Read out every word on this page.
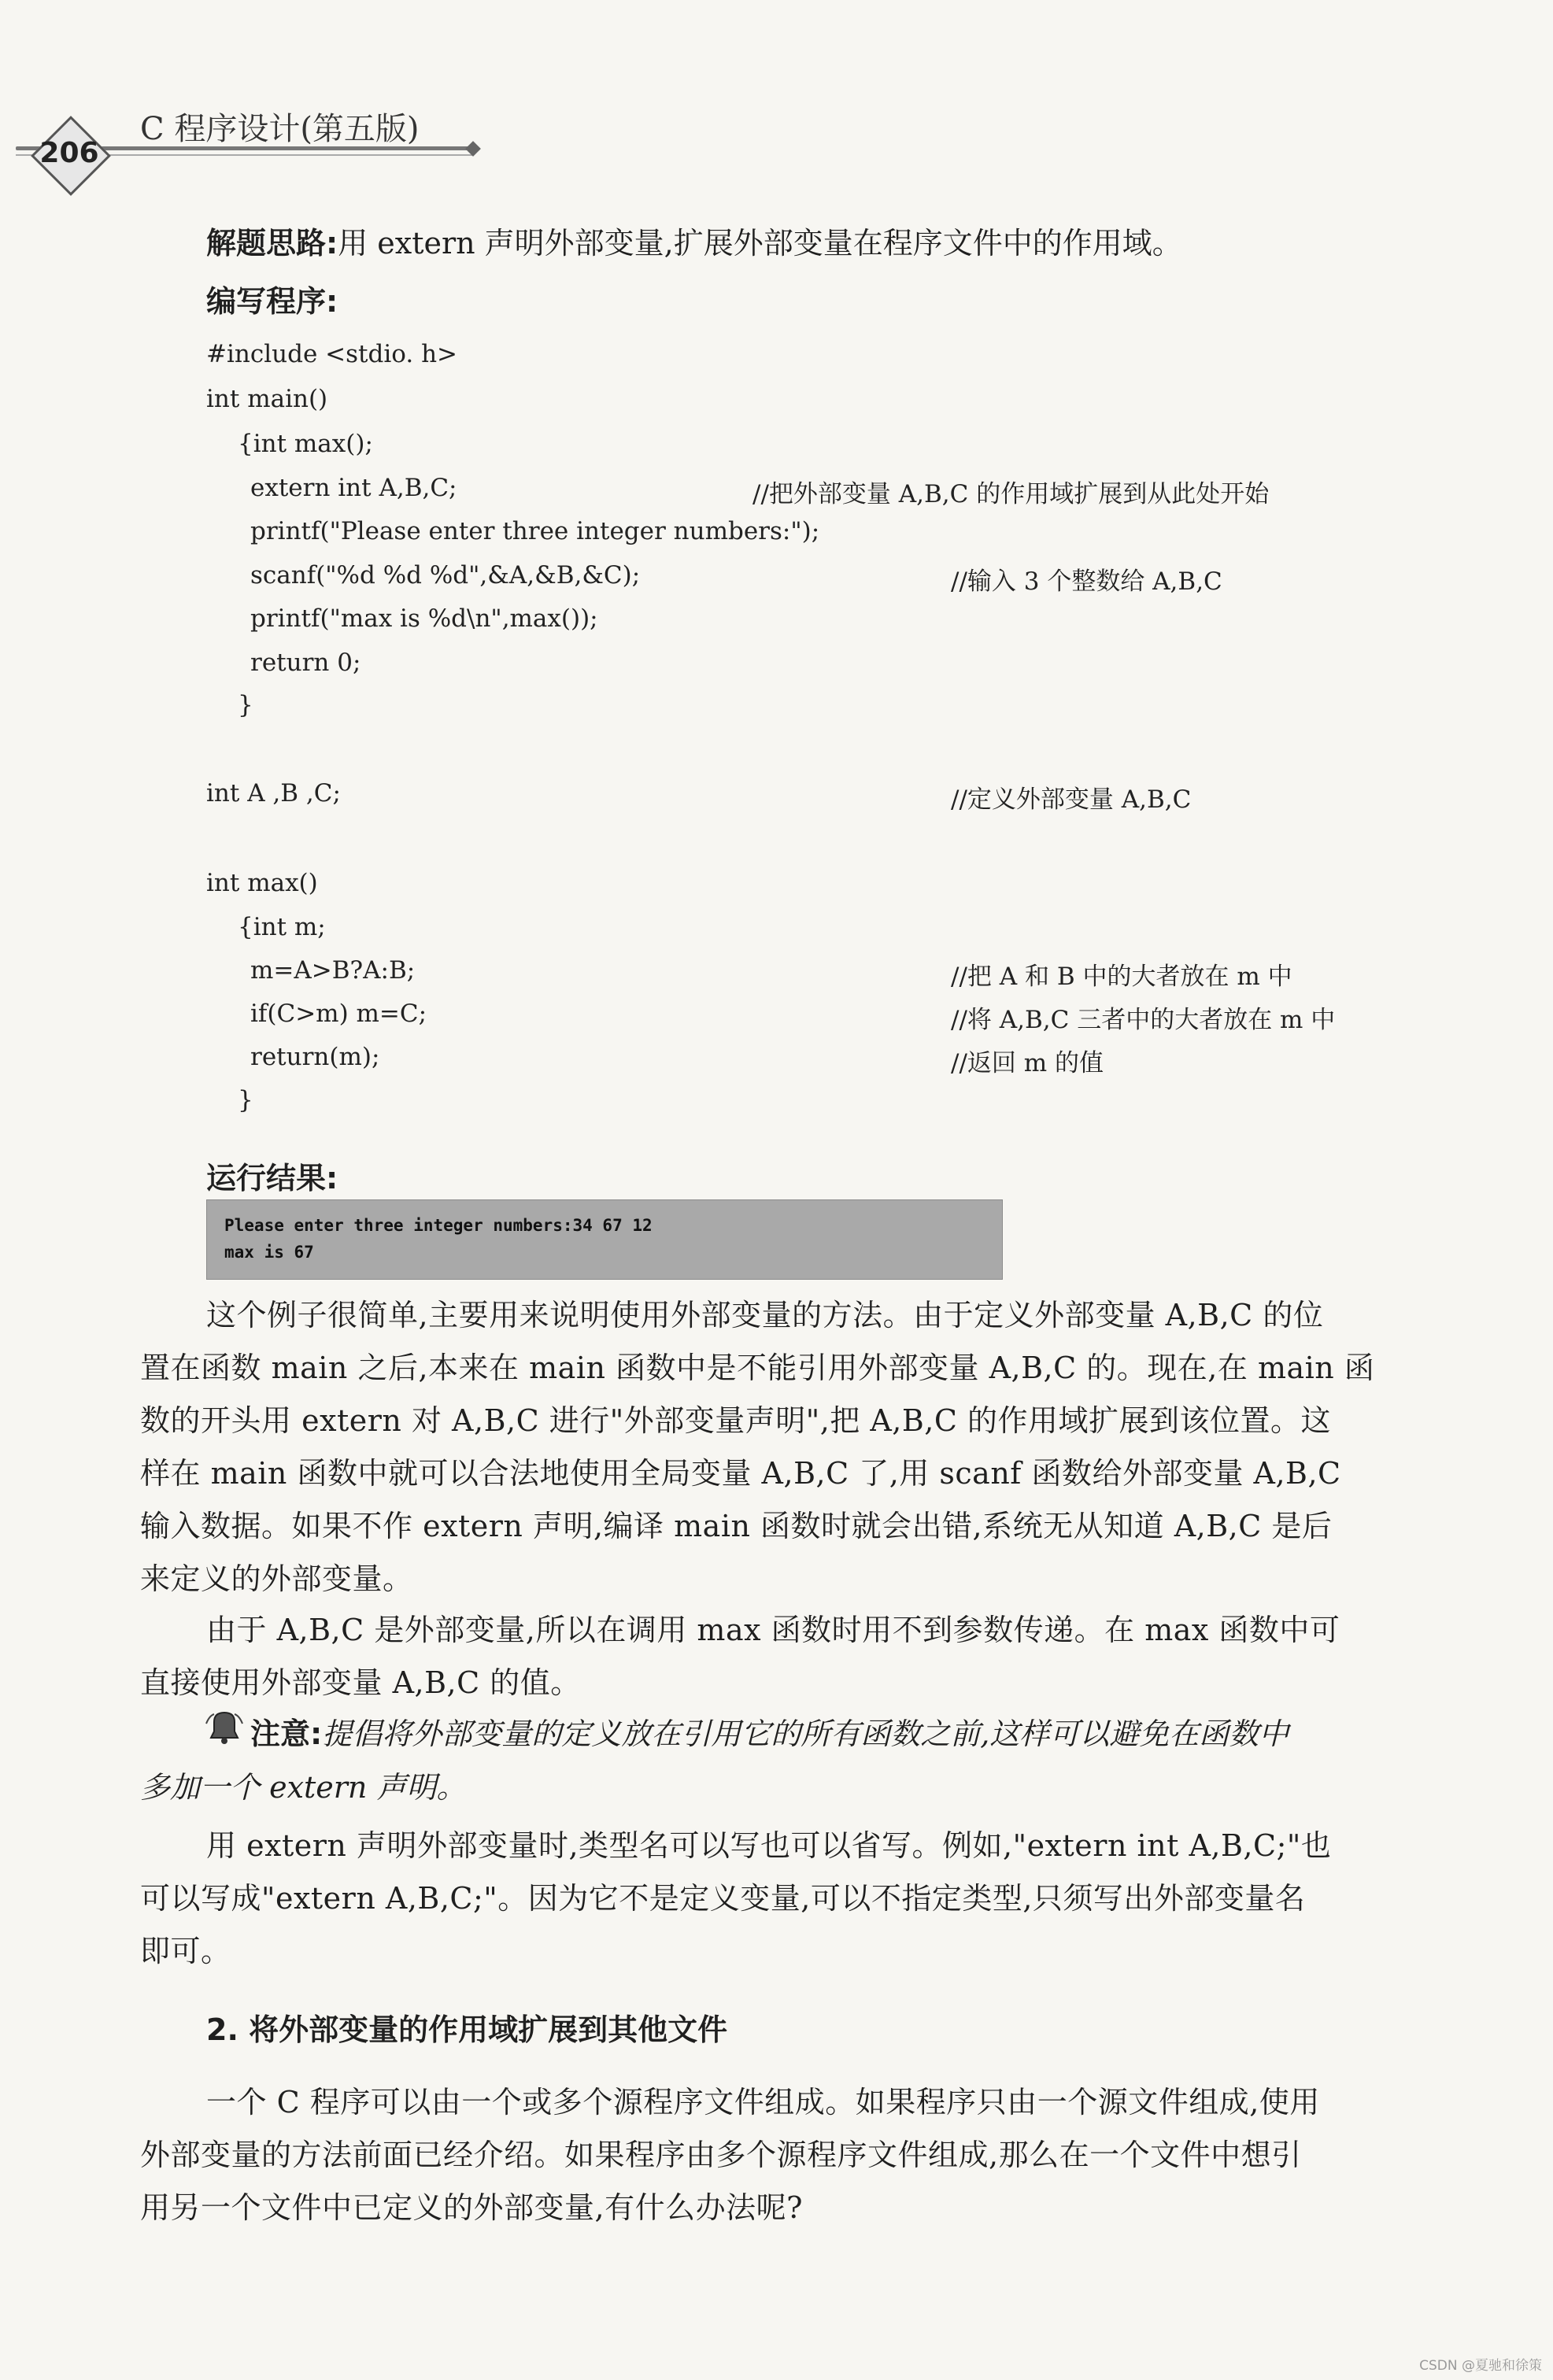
206
C 程序设计(第五版)
解题思路:用 extern 声明外部变量,扩展外部变量在程序文件中的作用域。
编写程序:
#include <stdio. h>
int main()
{int max();
extern int A,B,C;
printf("Please enter three integer numbers:");
scanf("%d %d %d",&A,&B,&C);
printf("max is %d\n",max());
return 0;
}
int A ,B ,C;
int max()
{int m;
m=A>B?A:B;
if(C>m) m=C;
return(m);
}
//把外部变量 A,B,C 的作用域扩展到从此处开始
//输入 3 个整数给 A,B,C
//定义外部变量 A,B,C
//把 A 和 B 中的大者放在 m 中
//将 A,B,C 三者中的大者放在 m 中
//返回 m 的值
运行结果:
Please enter three integer numbers:34 67 12
max is 67
这个例子很简单,主要用来说明使用外部变量的方法。由于定义外部变量 A,B,C 的位
置在函数 main 之后,本来在 main 函数中是不能引用外部变量 A,B,C 的。现在,在 main 函
数的开头用 extern 对 A,B,C 进行"外部变量声明",把 A,B,C 的作用域扩展到该位置。这
样在 main 函数中就可以合法地使用全局变量 A,B,C 了,用 scanf 函数给外部变量 A,B,C
输入数据。如果不作 extern 声明,编译 main 函数时就会出错,系统无从知道 A,B,C 是后
来定义的外部变量。
由于 A,B,C 是外部变量,所以在调用 max 函数时用不到参数传递。在 max 函数中可
直接使用外部变量 A,B,C 的值。
注意:提倡将外部变量的定义放在引用它的所有函数之前,这样可以避免在函数中
多加一个 extern 声明。
用 extern 声明外部变量时,类型名可以写也可以省写。例如,"extern int A,B,C;"也
可以写成"extern A,B,C;"。因为它不是定义变量,可以不指定类型,只须写出外部变量名
即可。
2. 将外部变量的作用域扩展到其他文件
一个 C 程序可以由一个或多个源程序文件组成。如果程序只由一个源文件组成,使用
外部变量的方法前面已经介绍。如果程序由多个源程序文件组成,那么在一个文件中想引
用另一个文件中已定义的外部变量,有什么办法呢?
CSDN @夏驰和徐策
